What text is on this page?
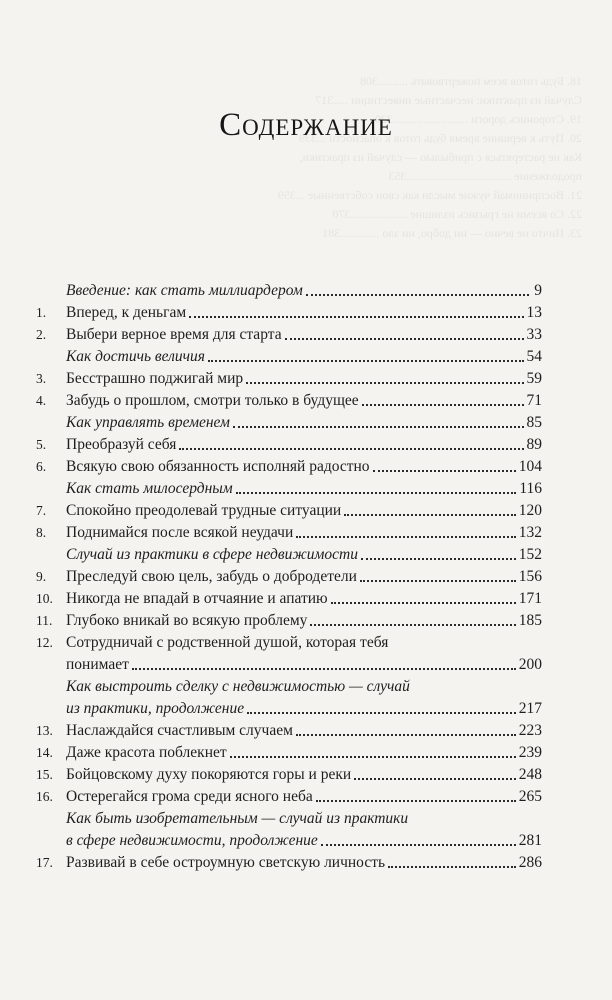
18. Будь готов всем пожертвовать ..........308
Случай из практики: несчастные инвестиции .....317
19. Сторонись дороги .........................329
20. Путь к вершине время будь готов к опасности ...339
Как не растеряться с прибылью — случай из практики,
продолжение ...................................353
21. Воспринимай чужие мысли как свои собственные ...359
22. Со всеми не грызись излишне ...................370
23. Ничто не вечно — ни добро, ни зло .............381
Содержание
Введение: как стать миллиардером	9
1.	Вперед, к деньгам	13
2.	Выбери верное время для старта	33
Как достичь величия	54
3.	Бесстрашно поджигай мир	59
4.	Забудь о прошлом, смотри только в будущее	71
Как управлять временем	85
5.	Преобразуй себя	89
6.	Всякую свою обязанность исполняй радостно	104
Как стать милосердным	116
7.	Спокойно преодолевай трудные ситуации	120
8.	Поднимайся после всякой неудачи	132
Случай из практики в сфере недвижимости	152
9.	Преследуй свою цель, забудь о добродетели	156
10. Никогда не впадай в отчаяние и апатию	171
11. Глубоко вникай во всякую проблему	185
12. Сотрудничай с родственной душой, которая тебя
понимает	200
Как выстроить сделку с недвижимостью — случай
из практики, продолжение	217
13. Наслаждайся счастливым случаем	223
14. Даже красота поблекнет	239
15. Бойцовскому духу покоряются горы и реки	248
16. Остерегайся грома среди ясного неба	265
Как быть изобретательным — случай из практики
в сфере недвижимости, продолжение	281
17. Развивай в себе остроумную светскую личность	286
